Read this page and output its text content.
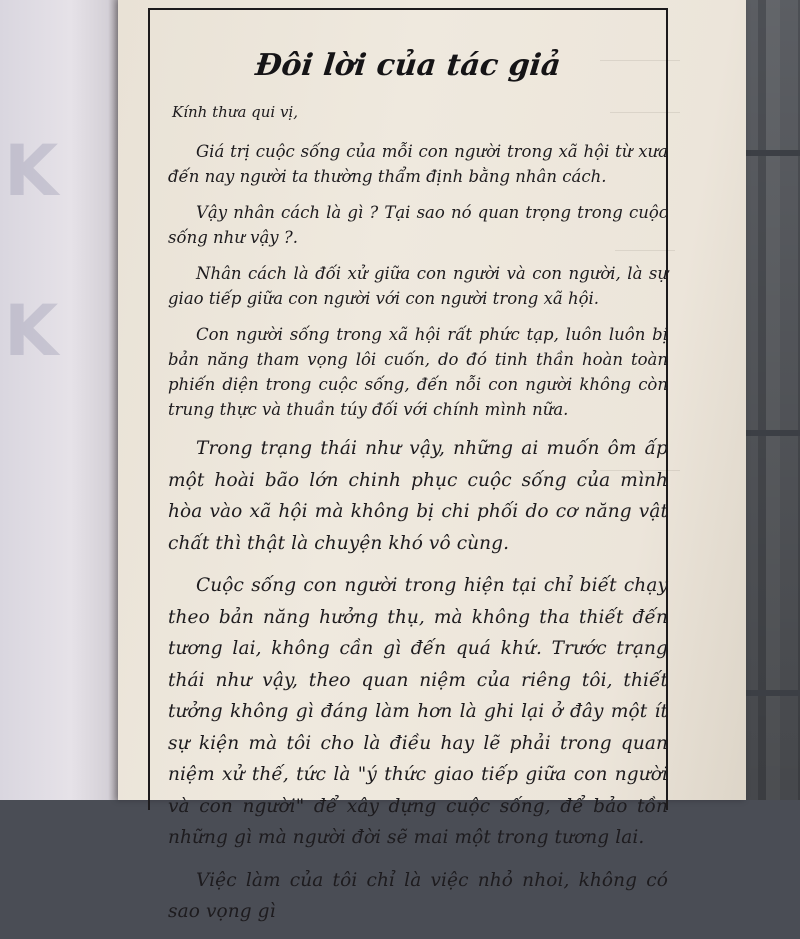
K
K
Đôi lời của tác giả

Kính thưa qui vị,

Giá trị cuộc sống của mỗi con người trong xã hội từ xưa đến nay người ta thường thẩm định bằng nhân cách.

Vậy nhân cách là gì ? Tại sao nó quan trọng trong cuộc sống như vậy ?.

Nhân cách là đối xử giữa con người và con người, là sự giao tiếp giữa con người với con người trong xã hội.

Con người sống trong xã hội rất phức tạp, luôn luôn bị bản năng tham vọng lôi cuốn, do đó tinh thần hoàn toàn phiến diện trong cuộc sống, đến nỗi con người không còn trung thực và thuần túy đối với chính mình nữa.

Trong trạng thái như vậy, những ai muốn ôm ấp một hoài bão lớn chinh phục cuộc sống của mình hòa vào xã hội mà không bị chi phối do cơ năng vật chất thì thật là chuyện khó vô cùng.

Cuộc sống con người trong hiện tại chỉ biết chạy theo bản năng hưởng thụ, mà không tha thiết đến tương lai, không cần gì đến quá khứ. Trước trạng thái như vậy, theo quan niệm của riêng tôi, thiết tưởng không gì đáng làm hơn là ghi lại ở đây một ít sự kiện mà tôi cho là điều hay lẽ phải trong quan niệm xử thế, tức là "ý thức giao tiếp giữa con người và con người" để xây dựng cuộc sống, để bảo tồn những gì mà người đời sẽ mai một trong tương lai.

Việc làm của tôi chỉ là việc nhỏ nhoi, không có sao vọng gì
